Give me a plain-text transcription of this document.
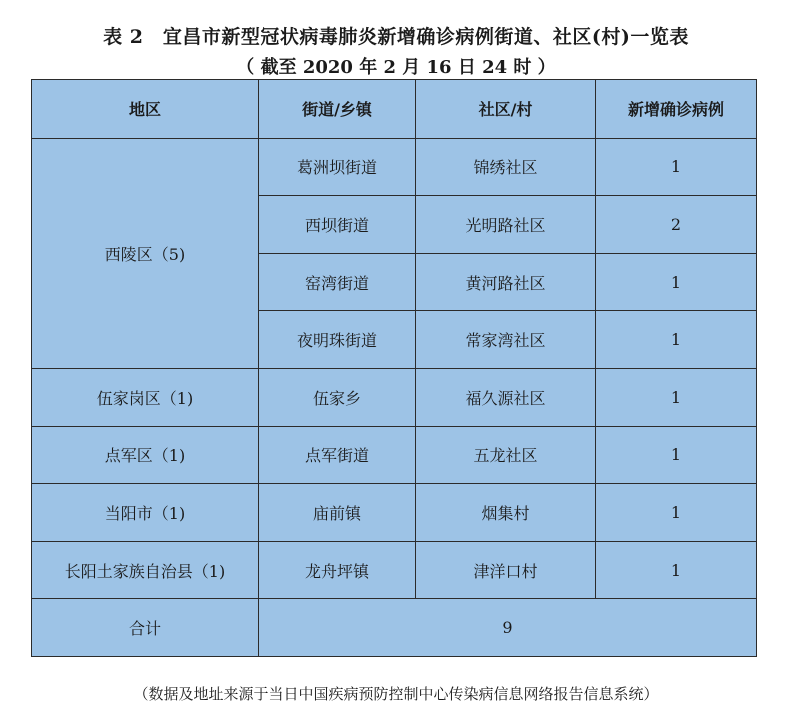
表 2　宜昌市新型冠状病毒肺炎新增确诊病例街道、社区(村)一览表
（ 截至 2020 年 2 月 16 日 24 时 ）
地区	街道/乡镇	社区/村	新增确诊病例
西陵区（5)	葛洲坝街道	锦绣社区	1
	西坝街道	光明路社区	2
	窑湾街道	黄河路社区	1
	夜明珠街道	常家湾社区	1
伍家岗区（1)	伍家乡	福久源社区	1
点军区（1)	点军街道	五龙社区	1
当阳市（1)	庙前镇	烟集村	1
长阳土家族自治县（1)	龙舟坪镇	津洋口村	1
合计	9		
（数据及地址来源于当日中国疾病预防控制中心传染病信息网络报告信息系统）
